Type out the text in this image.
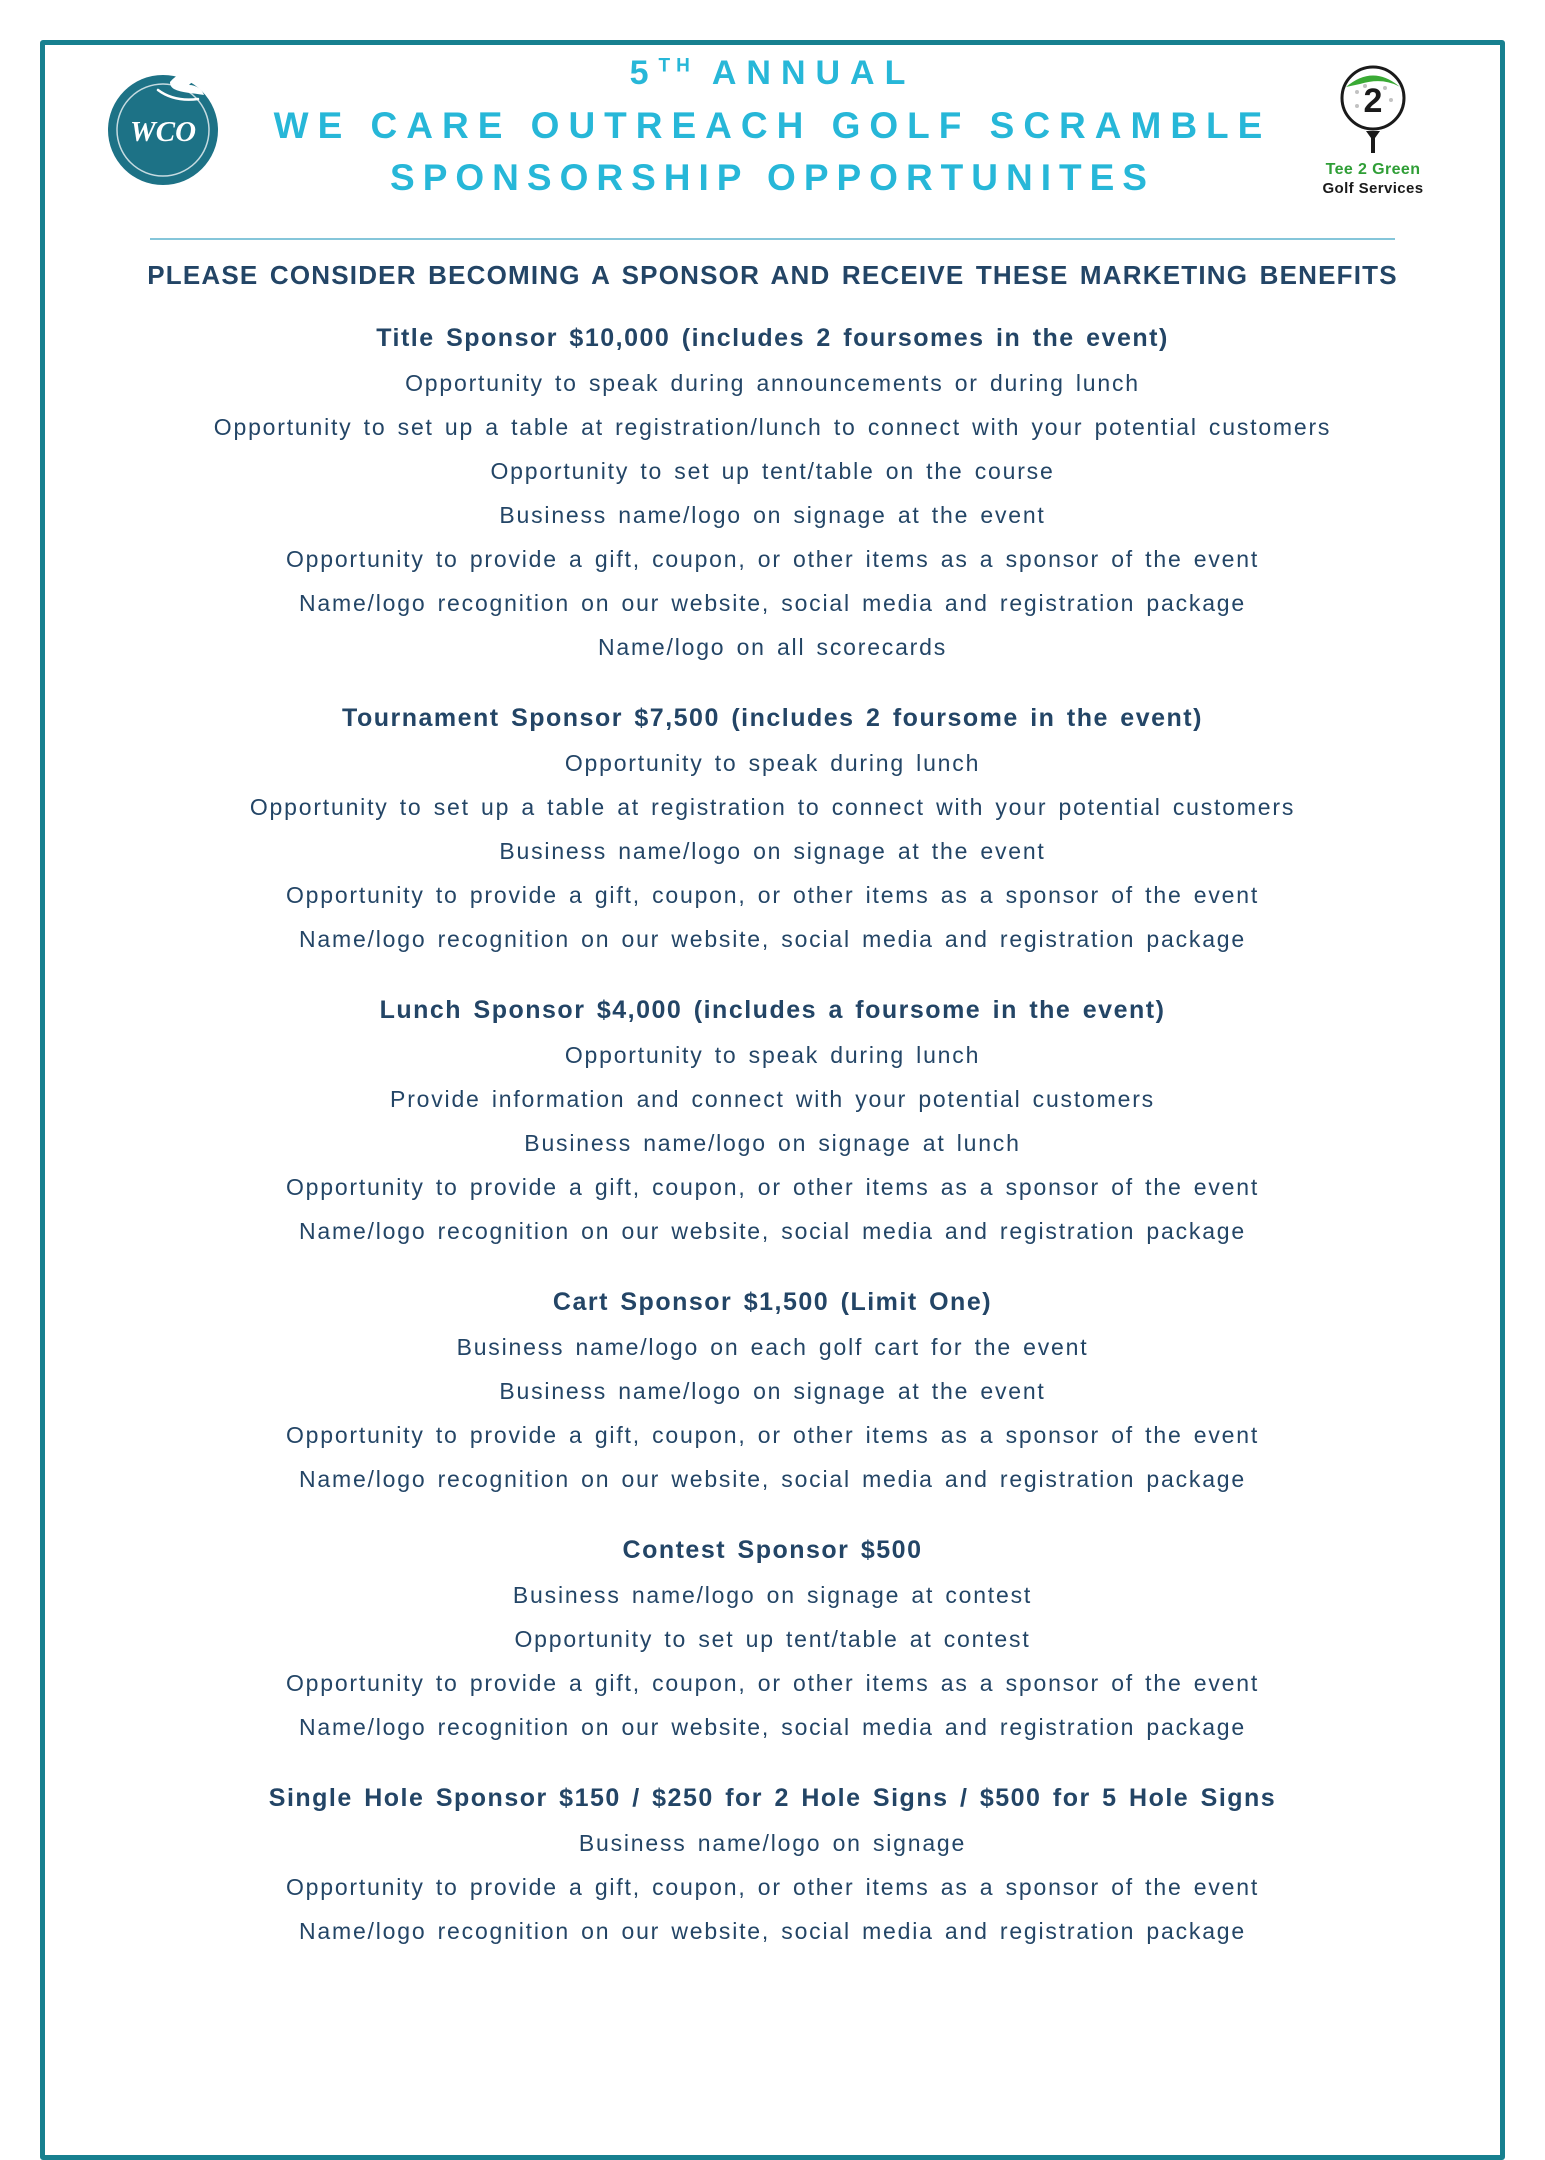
WCO
5TH ANNUAL
WE CARE OUTREACH GOLF SCRAMBLE
SPONSORSHIP OPPORTUNITES
2
Tee 2 Green
Golf Services
PLEASE CONSIDER BECOMING A SPONSOR AND RECEIVE THESE MARKETING BENEFITS
Title Sponsor $10,000 (includes 2 foursomes in the event)

Opportunity to speak during announcements or during lunch

Opportunity to set up a table at registration/lunch to connect with your potential customers

Opportunity to set up tent/table on the course

Business name/logo on signage at the event

Opportunity to provide a gift, coupon, or other items as a sponsor of the event

Name/logo recognition on our website, social media and registration package

Name/logo on all scorecards

Tournament Sponsor $7,500 (includes 2 foursome in the event)

Opportunity to speak during lunch

Opportunity to set up a table at registration to connect with your potential customers

Business name/logo on signage at the event

Opportunity to provide a gift, coupon, or other items as a sponsor of the event

Name/logo recognition on our website, social media and registration package

Lunch Sponsor $4,000 (includes a foursome in the event)

Opportunity to speak during lunch

Provide information and connect with your potential customers

Business name/logo on signage at lunch

Opportunity to provide a gift, coupon, or other items as a sponsor of the event

Name/logo recognition on our website, social media and registration package

Cart Sponsor $1,500 (Limit One)

Business name/logo on each golf cart for the event

Business name/logo on signage at the event

Opportunity to provide a gift, coupon, or other items as a sponsor of the event

Name/logo recognition on our website, social media and registration package

Contest Sponsor $500

Business name/logo on signage at contest

Opportunity to set up tent/table at contest

Opportunity to provide a gift, coupon, or other items as a sponsor of the event

Name/logo recognition on our website, social media and registration package

Single Hole Sponsor $150 / $250 for 2 Hole Signs / $500 for 5 Hole Signs

Business name/logo on signage

Opportunity to provide a gift, coupon, or other items as a sponsor of the event

Name/logo recognition on our website, social media and registration package
